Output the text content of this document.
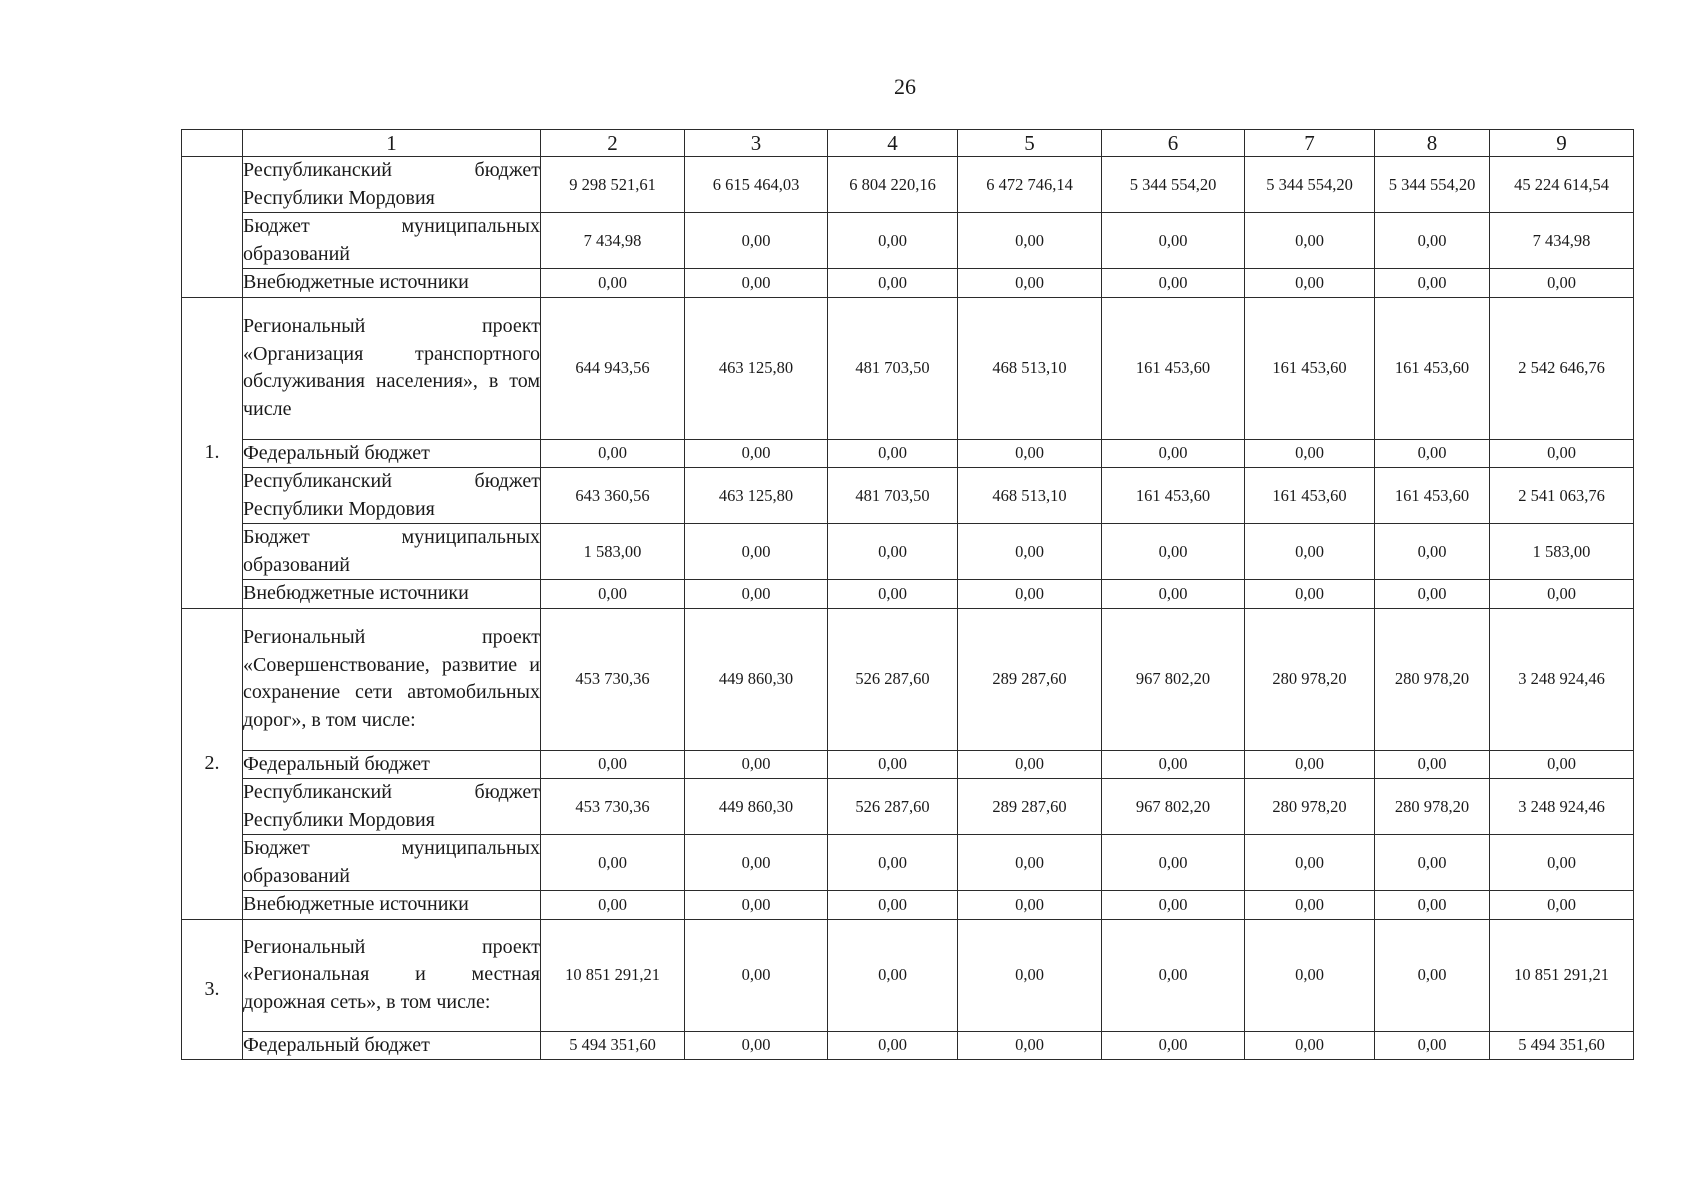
26
	1	2	3	4	5	6	7	8	9
	Республиканский бюджет Республики Мордовия	9 298 521,61	6 615 464,03	6 804 220,16	6 472 746,14	5 344 554,20	5 344 554,20	5 344 554,20	45 224 614,54
	Бюджет муниципальных образований	7 434,98	0,00	0,00	0,00	0,00	0,00	0,00	7 434,98
	Внебюджетные источники	0,00	0,00	0,00	0,00	0,00	0,00	0,00	0,00
1.	Региональный проект «Организация транспортного обслуживания населения», в том числе	644 943,56	463 125,80	481 703,50	468 513,10	161 453,60	161 453,60	161 453,60	2 542 646,76
	Федеральный бюджет	0,00	0,00	0,00	0,00	0,00	0,00	0,00	0,00
	Республиканский бюджет Республики Мордовия	643 360,56	463 125,80	481 703,50	468 513,10	161 453,60	161 453,60	161 453,60	2 541 063,76
	Бюджет муниципальных образований	1 583,00	0,00	0,00	0,00	0,00	0,00	0,00	1 583,00
	Внебюджетные источники	0,00	0,00	0,00	0,00	0,00	0,00	0,00	0,00
2.	Региональный проект «Совершенствование, развитие и сохранение сети автомобильных дорог», в том числе:	453 730,36	449 860,30	526 287,60	289 287,60	967 802,20	280 978,20	280 978,20	3 248 924,46
	Федеральный бюджет	0,00	0,00	0,00	0,00	0,00	0,00	0,00	0,00
	Республиканский бюджет Республики Мордовия	453 730,36	449 860,30	526 287,60	289 287,60	967 802,20	280 978,20	280 978,20	3 248 924,46
	Бюджет муниципальных образований	0,00	0,00	0,00	0,00	0,00	0,00	0,00	0,00
	Внебюджетные источники	0,00	0,00	0,00	0,00	0,00	0,00	0,00	0,00
3.	Региональный проект «Региональная и местная дорожная сеть», в том числе:	10 851 291,21	0,00	0,00	0,00	0,00	0,00	0,00	10 851 291,21
	Федеральный бюджет	5 494 351,60	0,00	0,00	0,00	0,00	0,00	0,00	5 494 351,60
